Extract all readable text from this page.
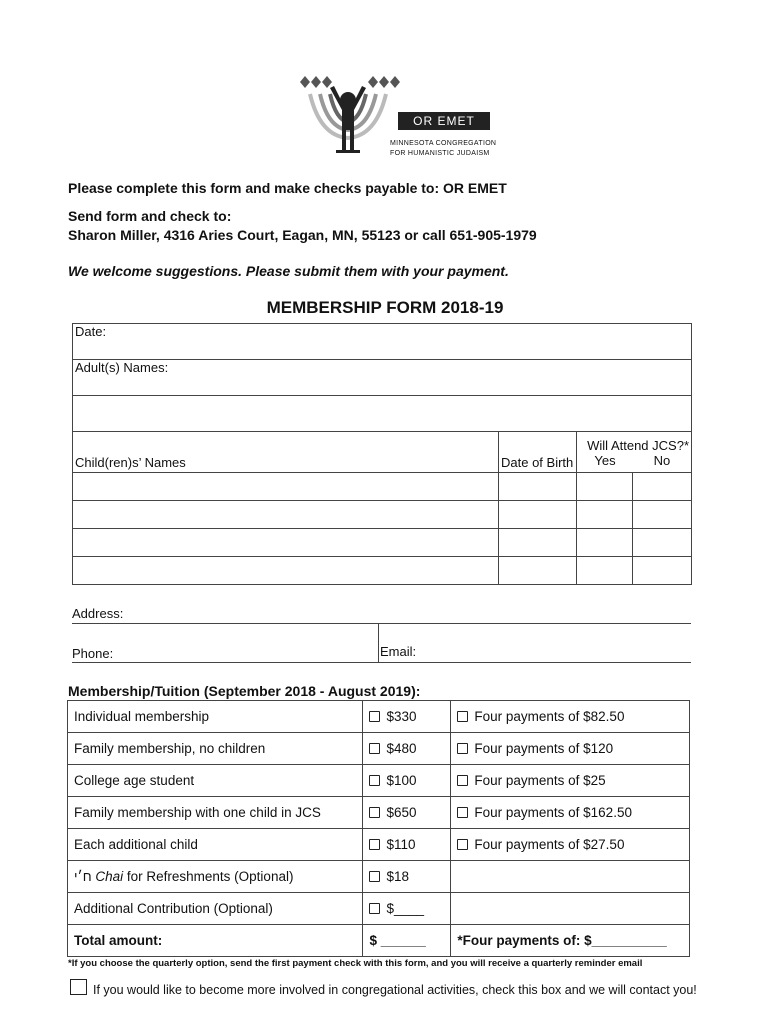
OR EMET
MINNESOTA CONGREGATION
FOR HUMANISTIC JUDAISM
Please complete this form and make checks payable to: OR EMET
Send form and check to:
Sharon Miller, 4316 Aries Court, Eagan, MN, 55123 or call 651-905-1979
We welcome suggestions. Please submit them with your payment.
MEMBERSHIP FORM 2018-19
Date:			
Adult(s) Names:			

Child(ren)s’ Names	Date of Birth	Will Attend JCS?*
Yes No	

Address:
Phone:	Email:
Membership/Tuition (September 2018 - August 2019):
Individual membership	$330	Four payments of $82.50
Family membership, no children	$480	Four payments of $120
College age student	$100	Four payments of $25
Family membership with one child in JCS	$650	Four payments of $162.50
Each additional child	$110	Four payments of $27.50
ח׳י Chai for Refreshments (Optional)	$18	
Additional Contribution (Optional)	$____	
Total amount:	$ ______	*Four payments of: $__________
*If you choose the quarterly option, send the first payment check with this form, and you will receive a quarterly reminder email
If you would like to become more involved in congregational activities, check this box and we will contact you!
